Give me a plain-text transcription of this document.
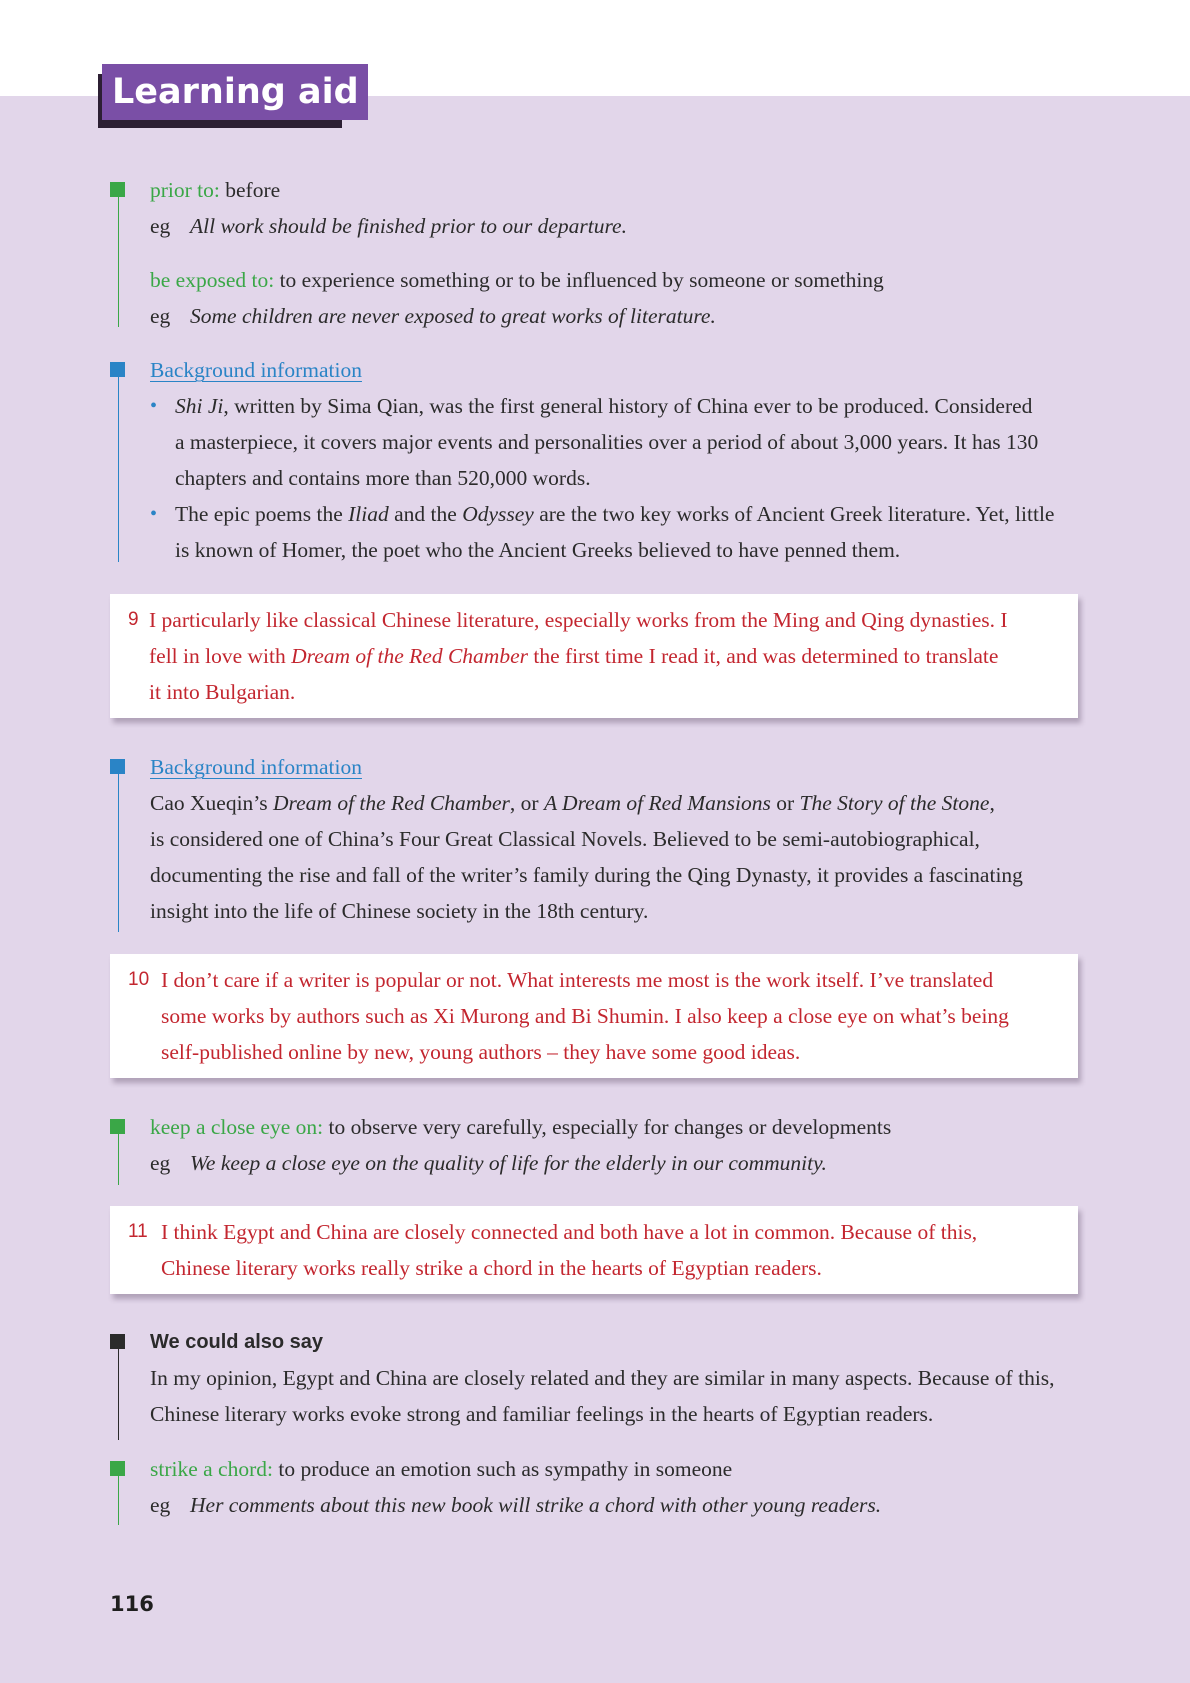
Learning aid
prior to: before
eg All work should be finished prior to our departure.
be exposed to: to experience something or to be influenced by someone or something
eg Some children are never exposed to great works of literature.
Background information
• Shi Ji, written by Sima Qian, was the first general history of China ever to be produced. Considered
a masterpiece, it covers major events and personalities over a period of about 3,000 years. It has 130
chapters and contains more than 520,000 words.
• The epic poems the Iliad and the Odyssey are the two key works of Ancient Greek literature. Yet, little
is known of Homer, the poet who the Ancient Greeks believed to have penned them.
9 I particularly like classical Chinese literature, especially works from the Ming and Qing dynasties. I
fell in love with Dream of the Red Chamber the first time I read it, and was determined to translate
it into Bulgarian.
Background information
Cao Xueqin’s Dream of the Red Chamber, or A Dream of Red Mansions or The Story of the Stone,
is considered one of China’s Four Great Classical Novels. Believed to be semi-autobiographical,
documenting the rise and fall of the writer’s family during the Qing Dynasty, it provides a fascinating
insight into the life of Chinese society in the 18th century.
10 I don’t care if a writer is popular or not. What interests me most is the work itself. I’ve translated
some works by authors such as Xi Murong and Bi Shumin. I also keep a close eye on what’s being
self-published online by new, young authors – they have some good ideas.
keep a close eye on: to observe very carefully, especially for changes or developments
eg We keep a close eye on the quality of life for the elderly in our community.
11 I think Egypt and China are closely connected and both have a lot in common. Because of this,
Chinese literary works really strike a chord in the hearts of Egyptian readers.
We could also say
In my opinion, Egypt and China are closely related and they are similar in many aspects. Because of this,
Chinese literary works evoke strong and familiar feelings in the hearts of Egyptian readers.
strike a chord: to produce an emotion such as sympathy in someone
eg Her comments about this new book will strike a chord with other young readers.
116
